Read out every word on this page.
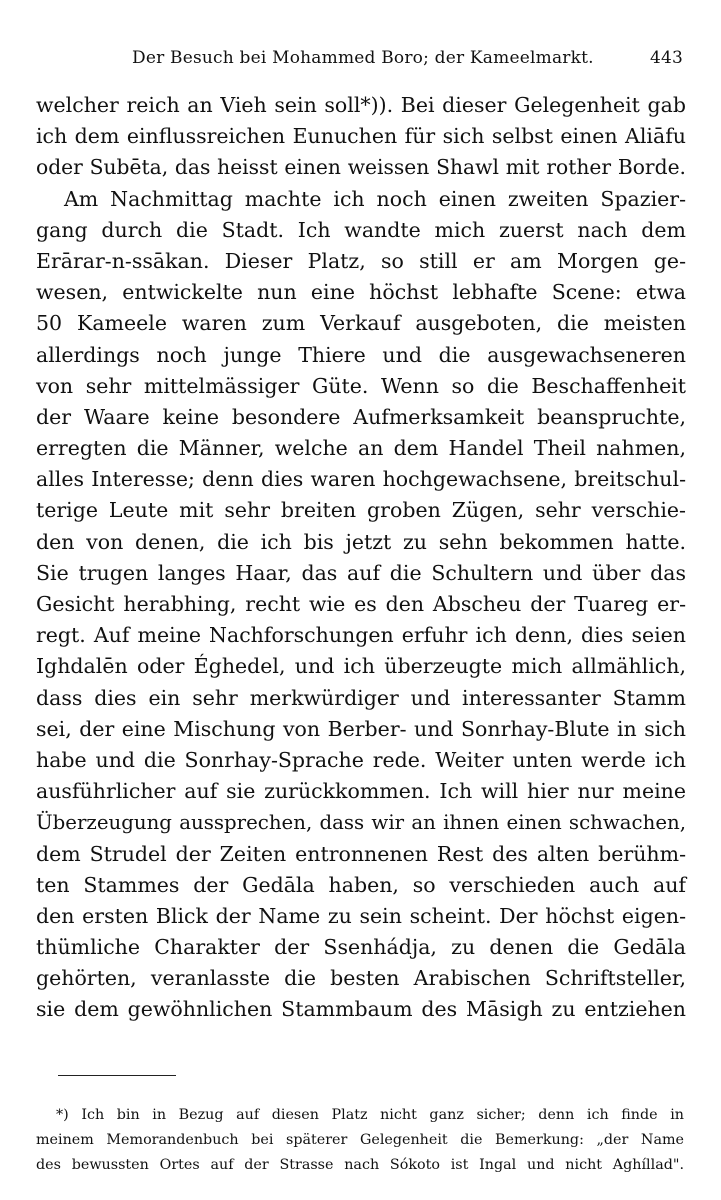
Der Besuch bei Mohammed Boro; der Kameelmarkt.	443
welcher reich an Vieh sein soll*)). Bei dieser Gelegenheit gab
ich dem einflussreichen Eunuchen für sich selbst einen Aliāfu
oder Subēta, das heisst einen weissen Shawl mit rother Borde.
Am Nachmittag machte ich noch einen zweiten Spazier-
gang durch die Stadt. Ich wandte mich zuerst nach dem
Erārar-n-ssākan. Dieser Platz, so still er am Morgen ge-
wesen, entwickelte nun eine höchst lebhafte Scene: etwa
50 Kameele waren zum Verkauf ausgeboten, die meisten
allerdings noch junge Thiere und die ausgewachseneren
von sehr mittelmässiger Güte. Wenn so die Beschaffenheit
der Waare keine besondere Aufmerksamkeit beanspruchte,
erregten die Männer, welche an dem Handel Theil nahmen,
alles Interesse; denn dies waren hochgewachsene, breitschul-
terige Leute mit sehr breiten groben Zügen, sehr verschie-
den von denen, die ich bis jetzt zu sehn bekommen hatte.
Sie trugen langes Haar, das auf die Schultern und über das
Gesicht herabhing, recht wie es den Abscheu der Tuareg er-
regt. Auf meine Nachforschungen erfuhr ich denn, dies seien
Ighdalēn oder Éghedel, und ich überzeugte mich allmählich,
dass dies ein sehr merkwürdiger und interessanter Stamm
sei, der eine Mischung von Berber- und Sonrhay-Blute in sich
habe und die Sonrhay-Sprache rede. Weiter unten werde ich
ausführlicher auf sie zurückkommen. Ich will hier nur meine
Überzeugung aussprechen, dass wir an ihnen einen schwachen,
dem Strudel der Zeiten entronnenen Rest des alten berühm-
ten Stammes der Gedāla haben, so verschieden auch auf
den ersten Blick der Name zu sein scheint. Der höchst eigen-
thümliche Charakter der Ssenhádja, zu denen die Gedāla
gehörten, veranlasste die besten Arabischen Schriftsteller,
sie dem gewöhnlichen Stammbaum des Māsigh zu entziehen
*) Ich bin in Bezug auf diesen Platz nicht ganz sicher; denn ich finde in
meinem Memorandenbuch bei späterer Gelegenheit die Bemerkung: „der Name
des bewussten Ortes auf der Strasse nach Sókoto ist Ingal und nicht Aghíllad".
